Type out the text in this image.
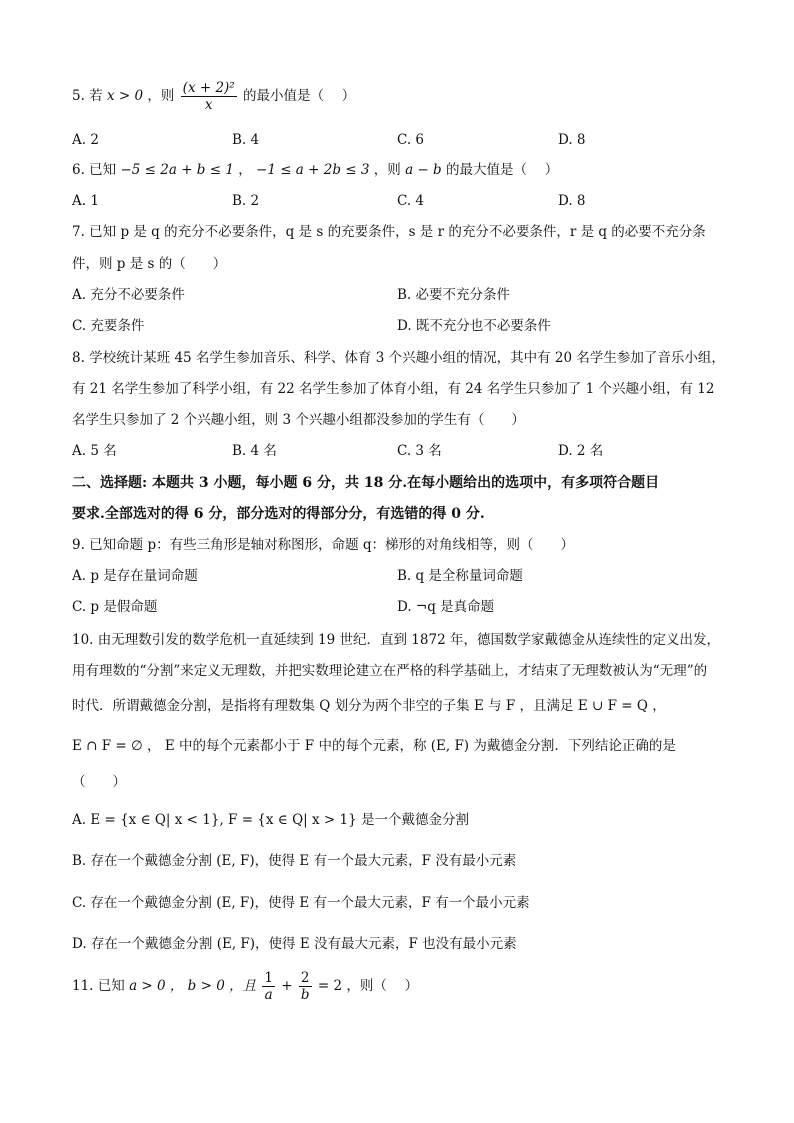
5. 若 x > 0 ，则 $\frac{\text{(x + 2)²}}{x}$ 的最小值是（　 ）
A. 2	B. 4	C. 6	D. 8
6. 已知 −5 ≤ 2a + b ≤ 1 ， −1 ≤ a + 2b ≤ 3 ，则 a − b 的最大值是（　 ）
A. 1	B. 2	C. 4	D. 8
7. 已知 p 是 q 的充分不必要条件，q 是 s 的充要条件，s 是 r 的充分不必要条件，r 是 q 的必要不充分条
件，则 p 是 s 的（　　）
A. 充分不必要条件	B. 必要不充分条件
C. 充要条件	D. 既不充分也不必要条件
8. 学校统计某班 45 名学生参加音乐、科学、体育 3 个兴趣小组的情况，其中有 20 名学生参加了音乐小组，
有 21 名学生参加了科学小组，有 22 名学生参加了体育小组，有 24 名学生只参加了 1 个兴趣小组，有 12
名学生只参加了 2 个兴趣小组，则 3 个兴趣小组都没参加的学生有（　　）
A. 5 名	B. 4 名	C. 3 名	D. 2 名
二、选择题: 本题共 3 小题，每小题 6 分，共 18 分.在每小题给出的选项中，有多项符合题目
要求.全部选对的得 6 分，部分选对的得部分分，有选错的得 0 分.
9. 已知命题 p：有些三角形是轴对称图形，命题 q：梯形的对角线相等，则（　　）
A. p 是存在量词命题	B. q 是全称量词命题
C. p 是假命题	D. ¬q 是真命题
10. 由无理数引发的数学危机一直延续到 19 世纪．直到 1872 年，德国数学家戴德金从连续性的定义出发，
用有理数的“分割”来定义无理数，并把实数理论建立在严格的科学基础上，才结束了无理数被认为“无理”的
时代．所谓戴德金分割，是指将有理数集 Q 划分为两个非空的子集 E 与 F ，且满足 E ∪ F = Q ，
E ∩ F = ∅ ， E 中的每个元素都小于 F 中的每个元素，称 (E, F) 为戴德金分割．下列结论正确的是
（　　）
A. E = {x ∈ Q| x < 1}, F = {x ∈ Q| x > 1} 是一个戴德金分割
B. 存在一个戴德金分割 (E, F)，使得 E 有一个最大元素，F 没有最小元素
C. 存在一个戴德金分割 (E, F)，使得 E 有一个最大元素，F 有一个最小元素
D. 存在一个戴德金分割 (E, F)，使得 E 没有最大元素，F 也没有最小元素
11. 已知 a > 0 ， b > 0 ，且 $\frac{1}{a} + \frac{2}{b} = 2$ ，则（　 ）
